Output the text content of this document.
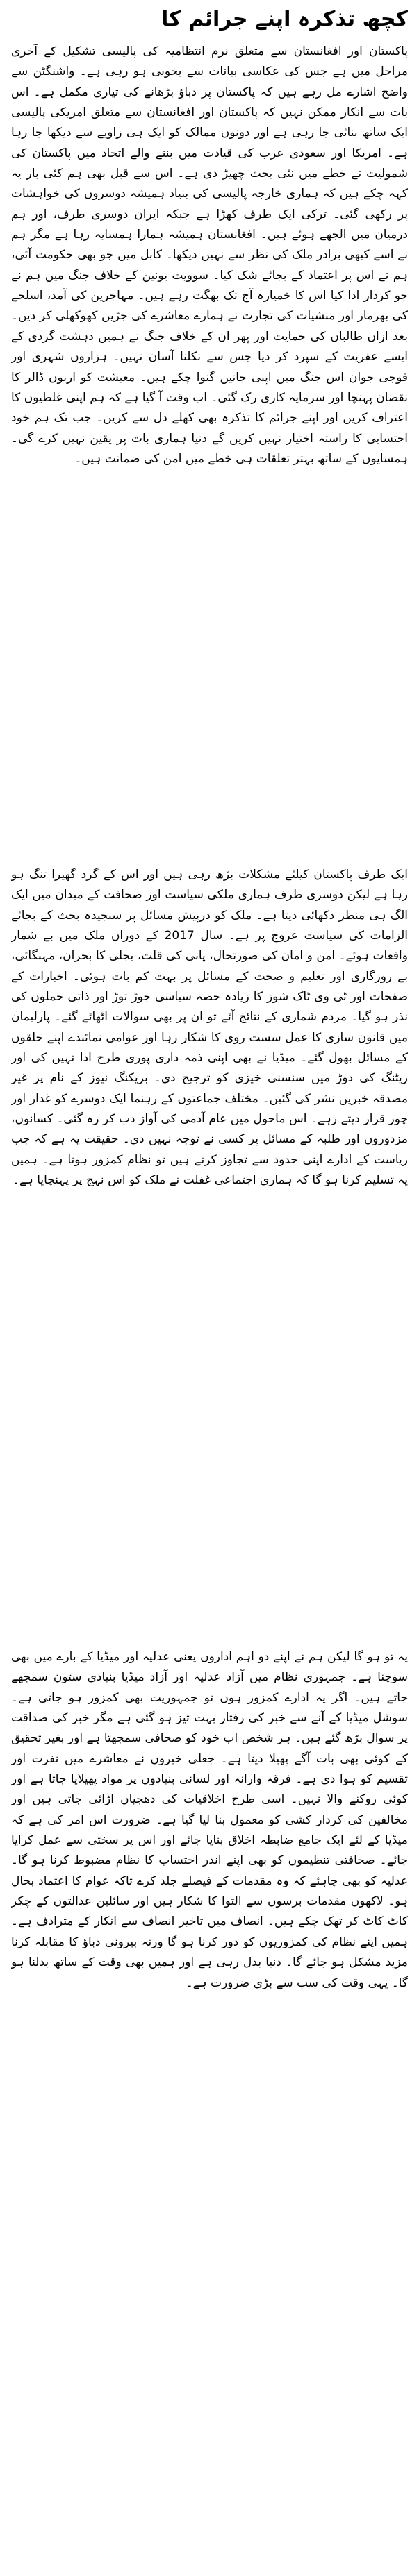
کچھ تذکرہ اپنے جرائم کا

پاکستان اور افغانستان سے متعلق نرم انتظامیہ کی پالیسی تشکیل کے آخری مراحل میں ہے جس کی عکاسی بیانات سے بخوبی ہو رہی ہے۔ واشنگٹن سے واضح اشارے مل رہے ہیں کہ پاکستان پر دباؤ بڑھانے کی تیاری مکمل ہے۔ اس بات سے انکار ممکن نہیں کہ پاکستان اور افغانستان سے متعلق امریکی پالیسی ایک ساتھ بنائی جا رہی ہے اور دونوں ممالک کو ایک ہی زاویے سے دیکھا جا رہا ہے۔ امریکا اور سعودی عرب کی قیادت میں بننے والے اتحاد میں پاکستان کی شمولیت نے خطے میں نئی بحث چھیڑ دی ہے۔ اس سے قبل بھی ہم کئی بار یہ کہہ چکے ہیں کہ ہماری خارجہ پالیسی کی بنیاد ہمیشہ دوسروں کی خواہشات پر رکھی گئی۔ ترکی ایک طرف کھڑا ہے جبکہ ایران دوسری طرف، اور ہم درمیان میں الجھے ہوئے ہیں۔ افغانستان ہمیشہ ہمارا ہمسایہ رہا ہے مگر ہم نے اسے کبھی برادر ملک کی نظر سے نہیں دیکھا۔ کابل میں جو بھی حکومت آئی، ہم نے اس پر اعتماد کے بجائے شک کیا۔ سوویت یونین کے خلاف جنگ میں ہم نے جو کردار ادا کیا اس کا خمیازہ آج تک بھگت رہے ہیں۔ مہاجرین کی آمد، اسلحے کی بھرمار اور منشیات کی تجارت نے ہمارے معاشرے کی جڑیں کھوکھلی کر دیں۔ بعد ازاں طالبان کی حمایت اور پھر ان کے خلاف جنگ نے ہمیں دہشت گردی کے ایسے عفریت کے سپرد کر دیا جس سے نکلنا آسان نہیں۔ ہزاروں شہری اور فوجی جوان اس جنگ میں اپنی جانیں گنوا چکے ہیں۔ معیشت کو اربوں ڈالر کا نقصان پہنچا اور سرمایہ کاری رک گئی۔ اب وقت آ گیا ہے کہ ہم اپنی غلطیوں کا اعتراف کریں اور اپنے جرائم کا تذکرہ بھی کھلے دل سے کریں۔ جب تک ہم خود احتسابی کا راستہ اختیار نہیں کریں گے دنیا ہماری بات پر یقین نہیں کرے گی۔ ہمسایوں کے ساتھ بہتر تعلقات ہی خطے میں امن کی ضمانت ہیں۔

ایک طرف پاکستان کیلئے مشکلات بڑھ رہی ہیں اور اس کے گرد گھیرا تنگ ہو رہا ہے لیکن دوسری طرف ہماری ملکی سیاست اور صحافت کے میدان میں ایک الگ ہی منظر دکھائی دیتا ہے۔ ملک کو درپیش مسائل پر سنجیدہ بحث کے بجائے الزامات کی سیاست عروج پر ہے۔ سال 2017 کے دوران ملک میں بے شمار واقعات ہوئے۔ امن و امان کی صورتحال، پانی کی قلت، بجلی کا بحران، مہنگائی، بے روزگاری اور تعلیم و صحت کے مسائل پر بہت کم بات ہوئی۔ اخبارات کے صفحات اور ٹی وی ٹاک شوز کا زیادہ حصہ سیاسی جوڑ توڑ اور ذاتی حملوں کی نذر ہو گیا۔ مردم شماری کے نتائج آئے تو ان پر بھی سوالات اٹھائے گئے۔ پارلیمان میں قانون سازی کا عمل سست روی کا شکار رہا اور عوامی نمائندے اپنے حلقوں کے مسائل بھول گئے۔ میڈیا نے بھی اپنی ذمہ داری پوری طرح ادا نہیں کی اور ریٹنگ کی دوڑ میں سنسنی خیزی کو ترجیح دی۔ بریکنگ نیوز کے نام پر غیر مصدقہ خبریں نشر کی گئیں۔ مختلف جماعتوں کے رہنما ایک دوسرے کو غدار اور چور قرار دیتے رہے۔ اس ماحول میں عام آدمی کی آواز دب کر رہ گئی۔ کسانوں، مزدوروں اور طلبہ کے مسائل پر کسی نے توجہ نہیں دی۔ حقیقت یہ ہے کہ جب ریاست کے ادارے اپنی حدود سے تجاوز کرتے ہیں تو نظام کمزور ہوتا ہے۔ ہمیں یہ تسلیم کرنا ہو گا کہ ہماری اجتماعی غفلت نے ملک کو اس نہج پر پہنچایا ہے۔

یہ تو ہو گا لیکن ہم نے اپنے دو اہم اداروں یعنی عدلیہ اور میڈیا کے بارے میں بھی سوچنا ہے۔ جمہوری نظام میں آزاد عدلیہ اور آزاد میڈیا بنیادی ستون سمجھے جاتے ہیں۔ اگر یہ ادارے کمزور ہوں تو جمہوریت بھی کمزور ہو جاتی ہے۔ سوشل میڈیا کے آنے سے خبر کی رفتار بہت تیز ہو گئی ہے مگر خبر کی صداقت پر سوال بڑھ گئے ہیں۔ ہر شخص اب خود کو صحافی سمجھتا ہے اور بغیر تحقیق کے کوئی بھی بات آگے پھیلا دیتا ہے۔ جعلی خبروں نے معاشرے میں نفرت اور تقسیم کو ہوا دی ہے۔ فرقہ وارانہ اور لسانی بنیادوں پر مواد پھیلایا جاتا ہے اور کوئی روکنے والا نہیں۔ اسی طرح اخلاقیات کی دھجیاں اڑائی جاتی ہیں اور مخالفین کی کردار کشی کو معمول بنا لیا گیا ہے۔ ضرورت اس امر کی ہے کہ میڈیا کے لئے ایک جامع ضابطہ اخلاق بنایا جائے اور اس پر سختی سے عمل کرایا جائے۔ صحافتی تنظیموں کو بھی اپنے اندر احتساب کا نظام مضبوط کرنا ہو گا۔ عدلیہ کو بھی چاہئے کہ وہ مقدمات کے فیصلے جلد کرے تاکہ عوام کا اعتماد بحال ہو۔ لاکھوں مقدمات برسوں سے التوا کا شکار ہیں اور سائلین عدالتوں کے چکر کاٹ کاٹ کر تھک چکے ہیں۔ انصاف میں تاخیر انصاف سے انکار کے مترادف ہے۔ ہمیں اپنے نظام کی کمزوریوں کو دور کرنا ہو گا ورنہ بیرونی دباؤ کا مقابلہ کرنا مزید مشکل ہو جائے گا۔ دنیا بدل رہی ہے اور ہمیں بھی وقت کے ساتھ بدلنا ہو گا۔ یہی وقت کی سب سے بڑی ضرورت ہے۔
